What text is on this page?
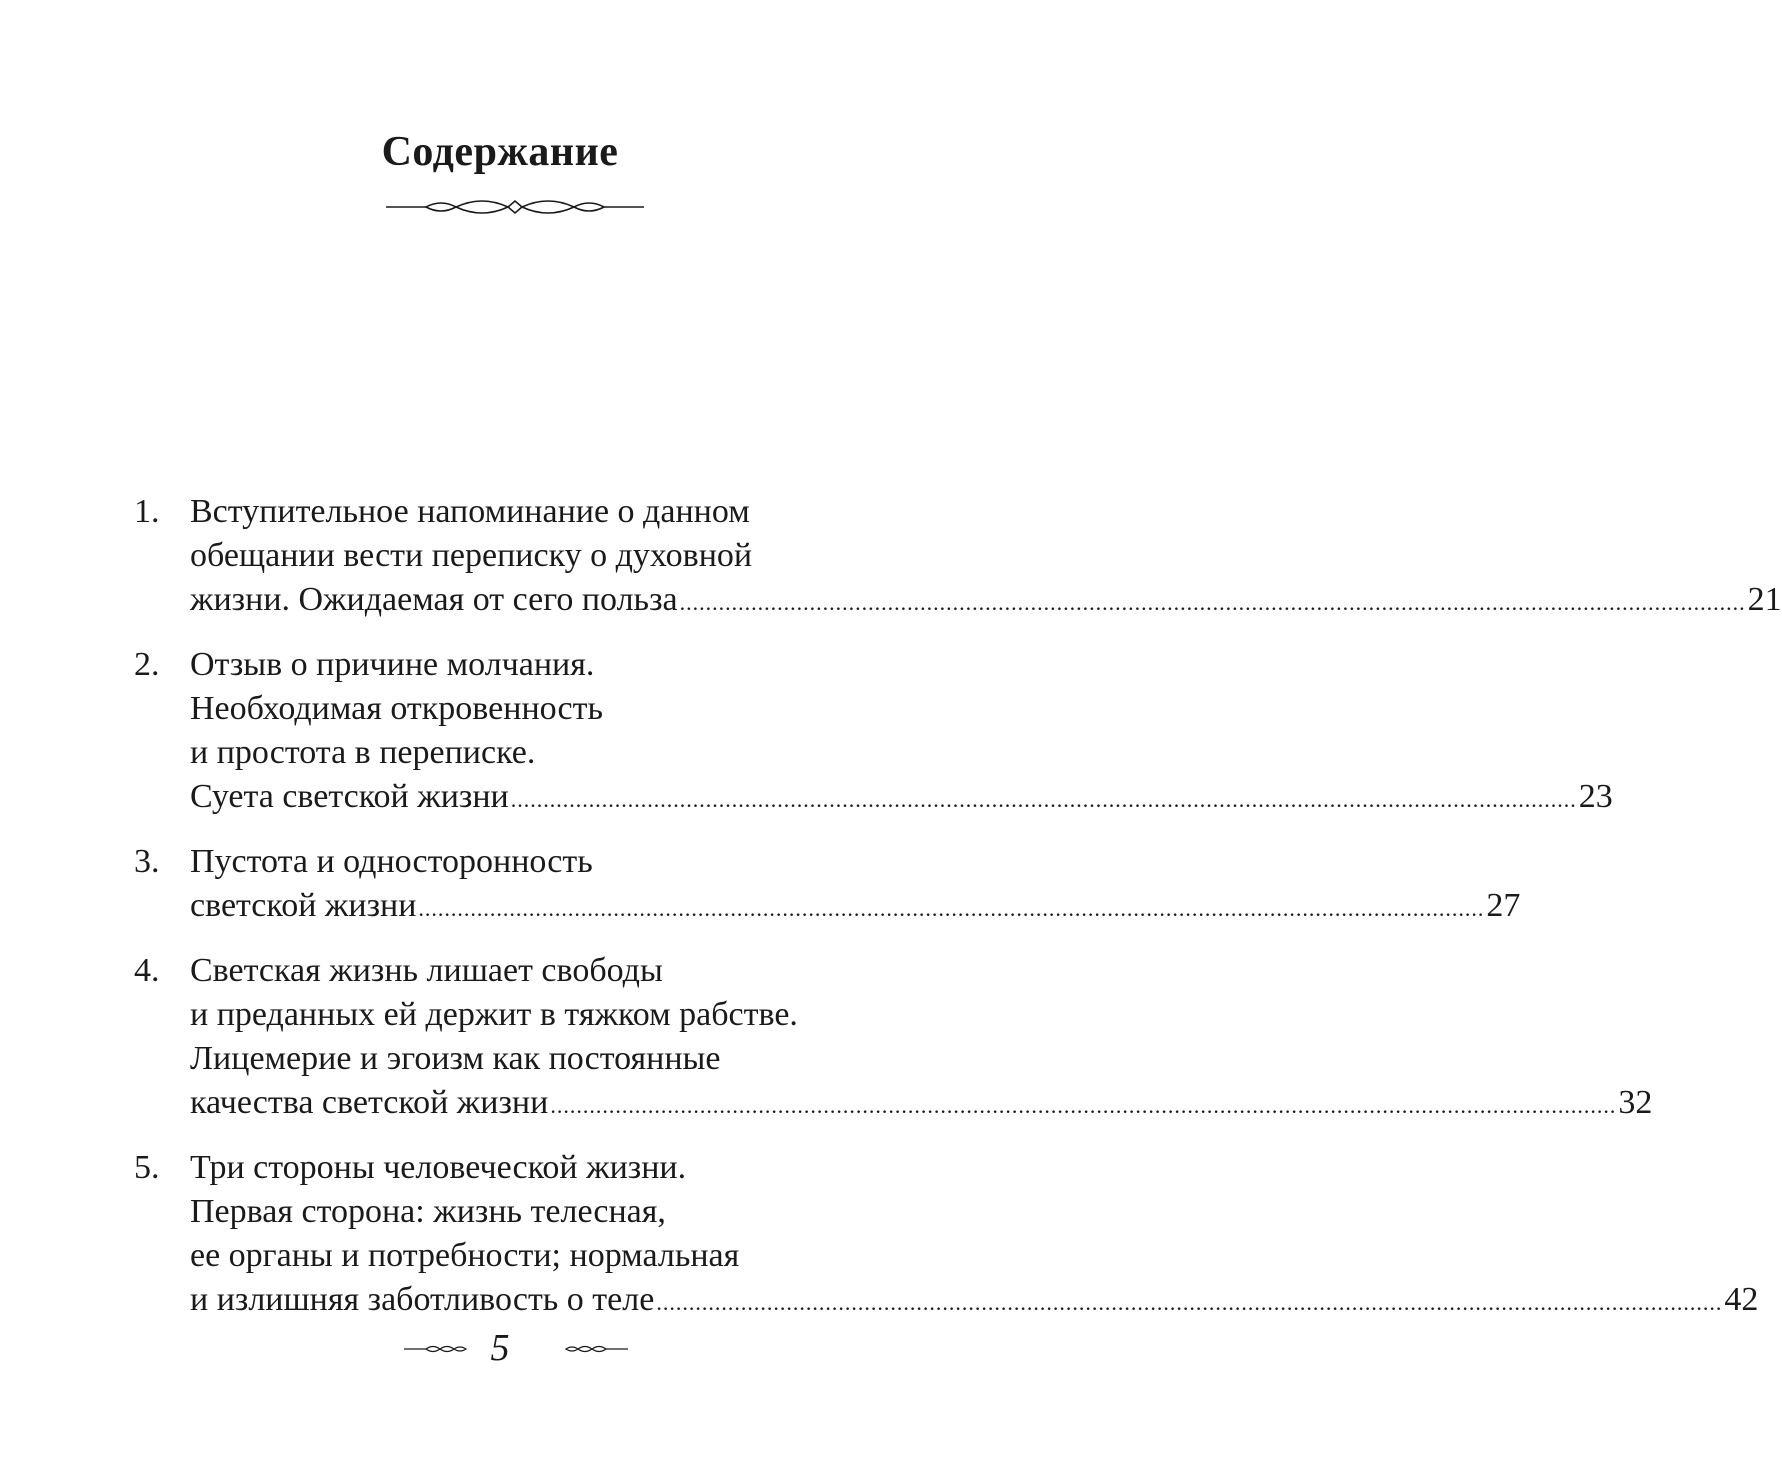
Содержание
1. Вступительное напоминание о данном
обещании вести переписку о духовной
жизни. Ожидаемая от сего польза .....	21
2. Отзыв о причине молчания.
Необходимая откровенность
и простота в переписке.
Суета светской жизни .....	23
3. Пустота и односторонность
светской жизни .....	27
4. Светская жизнь лишает свободы
и преданных ей держит в тяжком рабстве.
Лицемерие и эгоизм как постоянные
качества светской жизни .....	32
5. Три стороны человеческой жизни.
Первая сторона: жизнь телесная,
ее органы и потребности; нормальная
и излишняя заботливость о теле .....	42
5
